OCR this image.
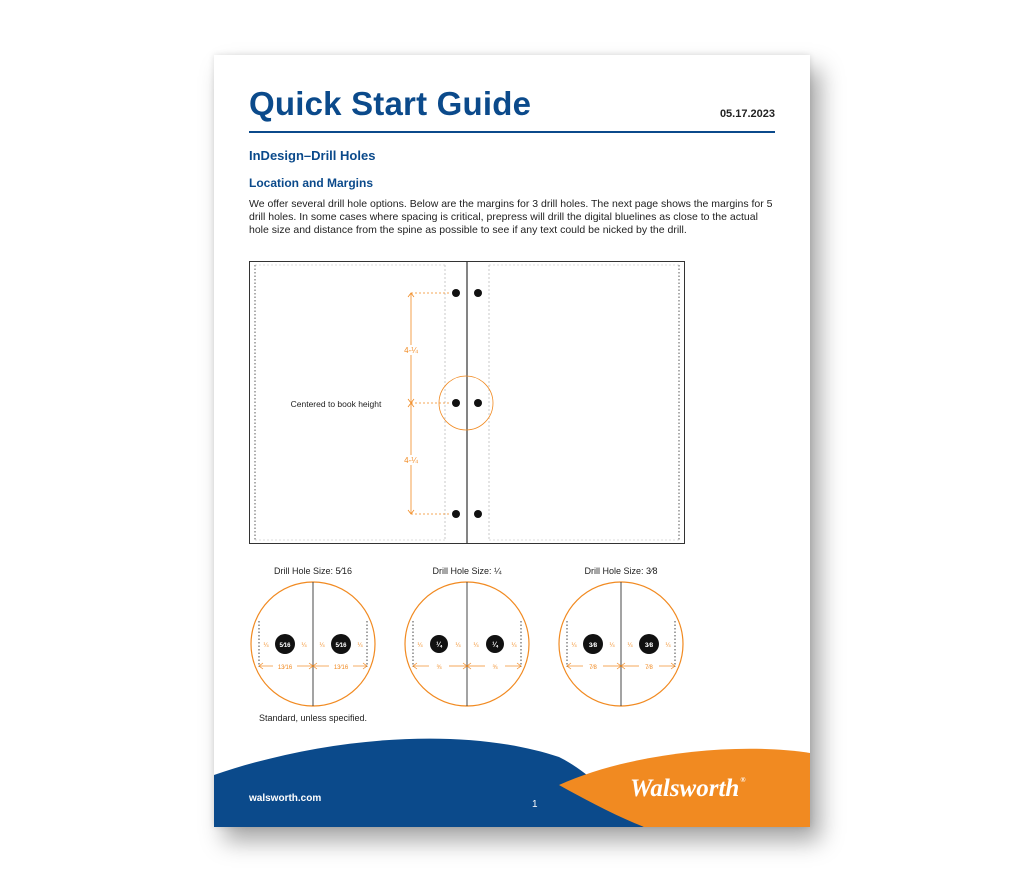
Quick Start Guide	05.17.2023
InDesign–Drill Holes
Location and Margins

We offer several drill hole options. Below are the margins for 3 drill holes. The next page shows the margins for 5 drill holes. In some cases where spacing is critical, prepress will drill the digital bluelines as close to the actual hole size and distance from the spine as possible to see if any text could be nicked by the drill.

4-¼
4-¼
Centered to book height
Drill Hole Size: 5⁄16
5⁄16	5⁄16
¼	¼ ¼	¼
13⁄16	13⁄16
Standard, unless specified.
Drill Hole Size: ¼
¼	¼
¼	¼ ¼	¼
¾	¾
Drill Hole Size: 3⁄8
3⁄8	3⁄8
¼	¼ ¼	¼
7⁄8	7⁄8
walsworth.com
1
Walsworth®
